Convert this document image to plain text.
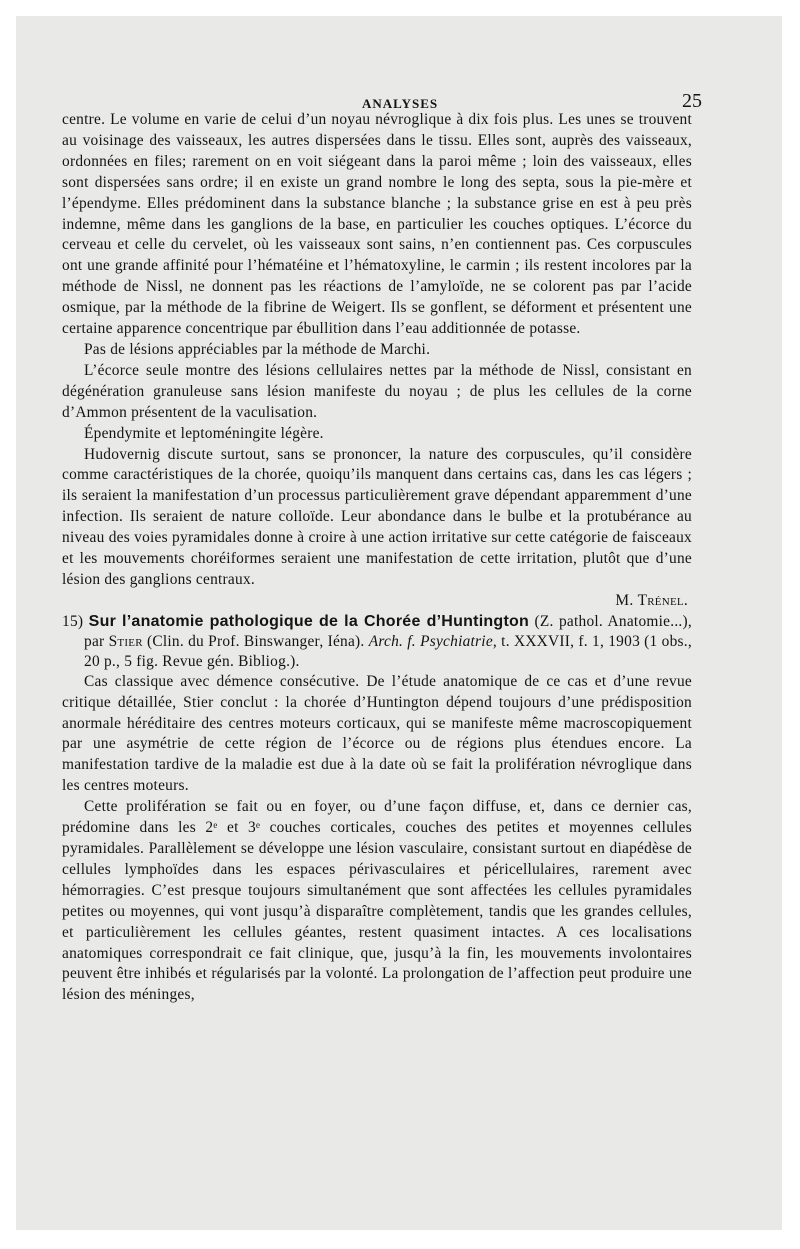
ANALYSES	25

centre. Le volume en varie de celui d’un noyau névroglique à dix fois plus. Les unes se trouvent au voisinage des vaisseaux, les autres dispersées dans le tissu. Elles sont, auprès des vaisseaux, ordonnées en files; rarement on en voit siégeant dans la paroi même ; loin des vaisseaux, elles sont dispersées sans ordre; il en existe un grand nombre le long des septa, sous la pie-mère et l’épendyme. Elles prédominent dans la substance blanche ; la substance grise en est à peu près indemne, même dans les ganglions de la base, en particulier les couches optiques. L’écorce du cerveau et celle du cervelet, où les vaisseaux sont sains, n’en contiennent pas. Ces corpuscules ont une grande affinité pour l’hématéine et l’hématoxyline, le carmin ; ils restent incolores par la méthode de Nissl, ne donnent pas les réactions de l’amyloïde, ne se colorent pas par l’acide osmique, par la méthode de la fibrine de Weigert. Ils se gonflent, se déforment et présentent une certaine apparence concentrique par ébullition dans l’eau additionnée de potasse.

Pas de lésions appréciables par la méthode de Marchi.

L’écorce seule montre des lésions cellulaires nettes par la méthode de Nissl, consistant en dégénération granuleuse sans lésion manifeste du noyau ; de plus les cellules de la corne d’Ammon présentent de la vaculisation.

Épendymite et leptoméningite légère.

Hudovernig discute surtout, sans se prononcer, la nature des corpuscules, qu’il considère comme caractéristiques de la chorée, quoiqu’ils manquent dans certains cas, dans les cas légers ; ils seraient la manifestation d’un processus particulièrement grave dépendant apparemment d’une infection. Ils seraient de nature colloïde. Leur abondance dans le bulbe et la protubérance au niveau des voies pyramidales donne à croire à une action irritative sur cette catégorie de faisceaux et les mouvements choréiformes seraient une manifestation de cette irritation, plutôt que d’une lésion des ganglions centraux.

M. Trénel.

15) Sur l’anatomie pathologique de la Chorée d’Huntington (Z. pathol. Anatomie...), par Stier (Clin. du Prof. Binswanger, Iéna). Arch. f. Psychiatrie, t. XXXVII, f. 1, 1903 (1 obs., 20 p., 5 fig. Revue gén. Bibliog.).

Cas classique avec démence consécutive. De l’étude anatomique de ce cas et d’une revue critique détaillée, Stier conclut : la chorée d’Huntington dépend toujours d’une prédisposition anormale héréditaire des centres moteurs corticaux, qui se manifeste même macroscopiquement par une asymétrie de cette région de l’écorce ou de régions plus étendues encore. La manifestation tardive de la maladie est due à la date où se fait la prolifération névroglique dans les centres moteurs.

Cette prolifération se fait ou en foyer, ou d’une façon diffuse, et, dans ce dernier cas, prédomine dans les 2ᵉ et 3ᵉ couches corticales, couches des petites et moyennes cellules pyramidales. Parallèlement se développe une lésion vasculaire, consistant surtout en diapédèse de cellules lymphoïdes dans les espaces périvasculaires et péricellulaires, rarement avec hémorragies. C’est presque toujours simultanément que sont affectées les cellules pyramidales petites ou moyennes, qui vont jusqu’à disparaître complètement, tandis que les grandes cellules, et particulièrement les cellules géantes, restent quasiment intactes. A ces localisations anatomiques correspondrait ce fait clinique, que, jusqu’à la fin, les mouvements involontaires peuvent être inhibés et régularisés par la volonté. La prolongation de l’affection peut produire une lésion des méninges,
